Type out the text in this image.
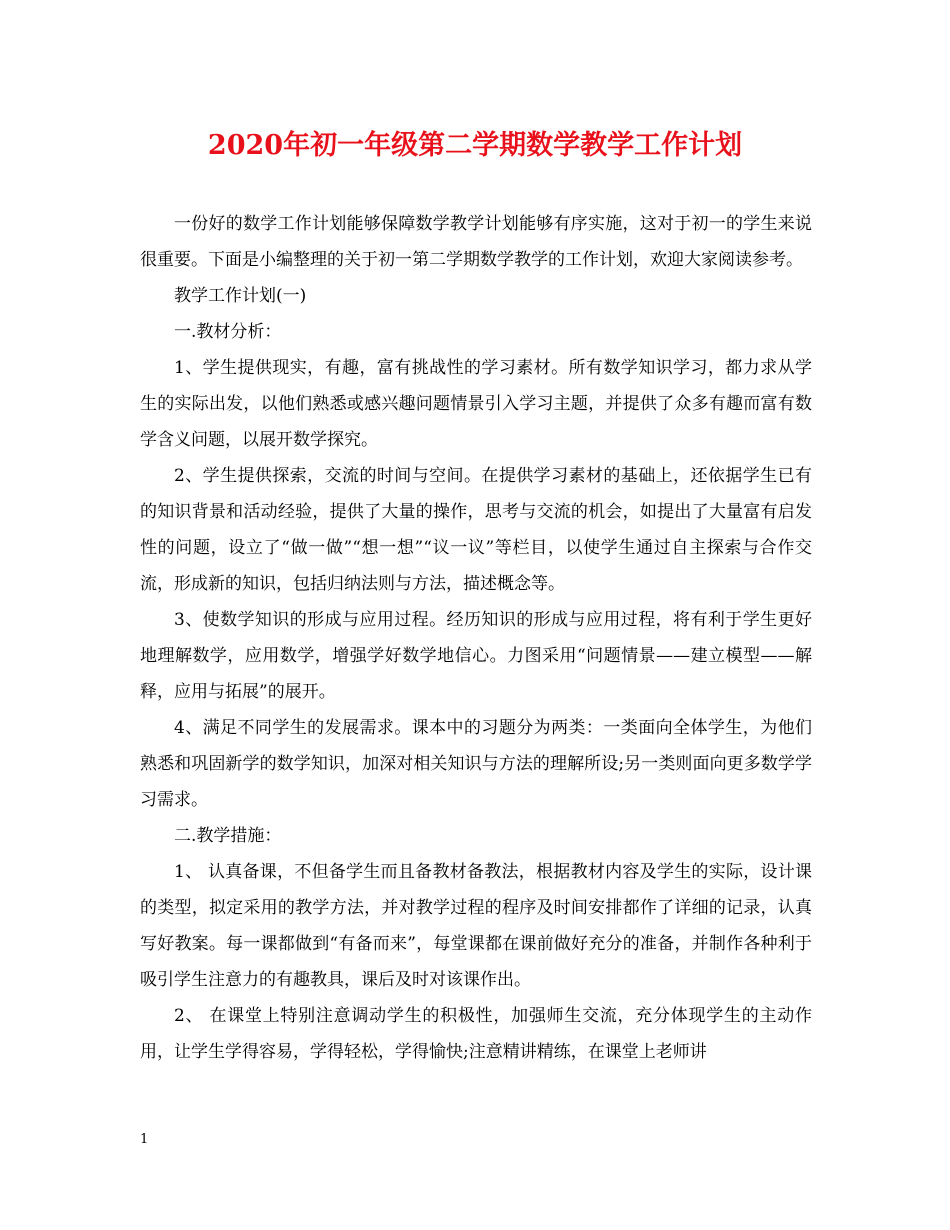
2020年初一年级第二学期数学教学工作计划

一份好的数学工作计划能够保障数学教学计划能够有序实施，这对于初一的学生来说很重要。下面是小编整理的关于初一第二学期数学教学的工作计划，欢迎大家阅读参考。

教学工作计划(一)

一.教材分析：

1、学生提供现实，有趣，富有挑战性的学习素材。所有数学知识学习，都力求从学生的实际出发，以他们熟悉或感兴趣问题情景引入学习主题，并提供了众多有趣而富有数学含义问题，以展开数学探究。

2、学生提供探索，交流的时间与空间。在提供学习素材的基础上，还依据学生已有的知识背景和活动经验，提供了大量的操作，思考与交流的机会，如提出了大量富有启发性的问题，设立了“做一做”“想一想”“议一议”等栏目，以使学生通过自主探索与合作交流，形成新的知识，包括归纳法则与方法，描述概念等。

3、使数学知识的形成与应用过程。经历知识的形成与应用过程，将有利于学生更好地理解数学，应用数学，增强学好数学地信心。力图采用“问题情景——建立模型——解释，应用与拓展”的展开。

4、满足不同学生的发展需求。课本中的习题分为两类：一类面向全体学生，为他们熟悉和巩固新学的数学知识，加深对相关知识与方法的理解所设;另一类则面向更多数学学习需求。

二.教学措施：

1、 认真备课，不但备学生而且备教材备教法，根据教材内容及学生的实际，设计课的类型，拟定采用的教学方法，并对教学过程的程序及时间安排都作了详细的记录，认真写好教案。每一课都做到“有备而来”，每堂课都在课前做好充分的准备，并制作各种利于吸引学生注意力的有趣教具，课后及时对该课作出。

2、 在课堂上特别注意调动学生的积极性，加强师生交流，充分体现学生的主动作用，让学生学得容易，学得轻松，学得愉快;注意精讲精练，在课堂上老师讲

1
